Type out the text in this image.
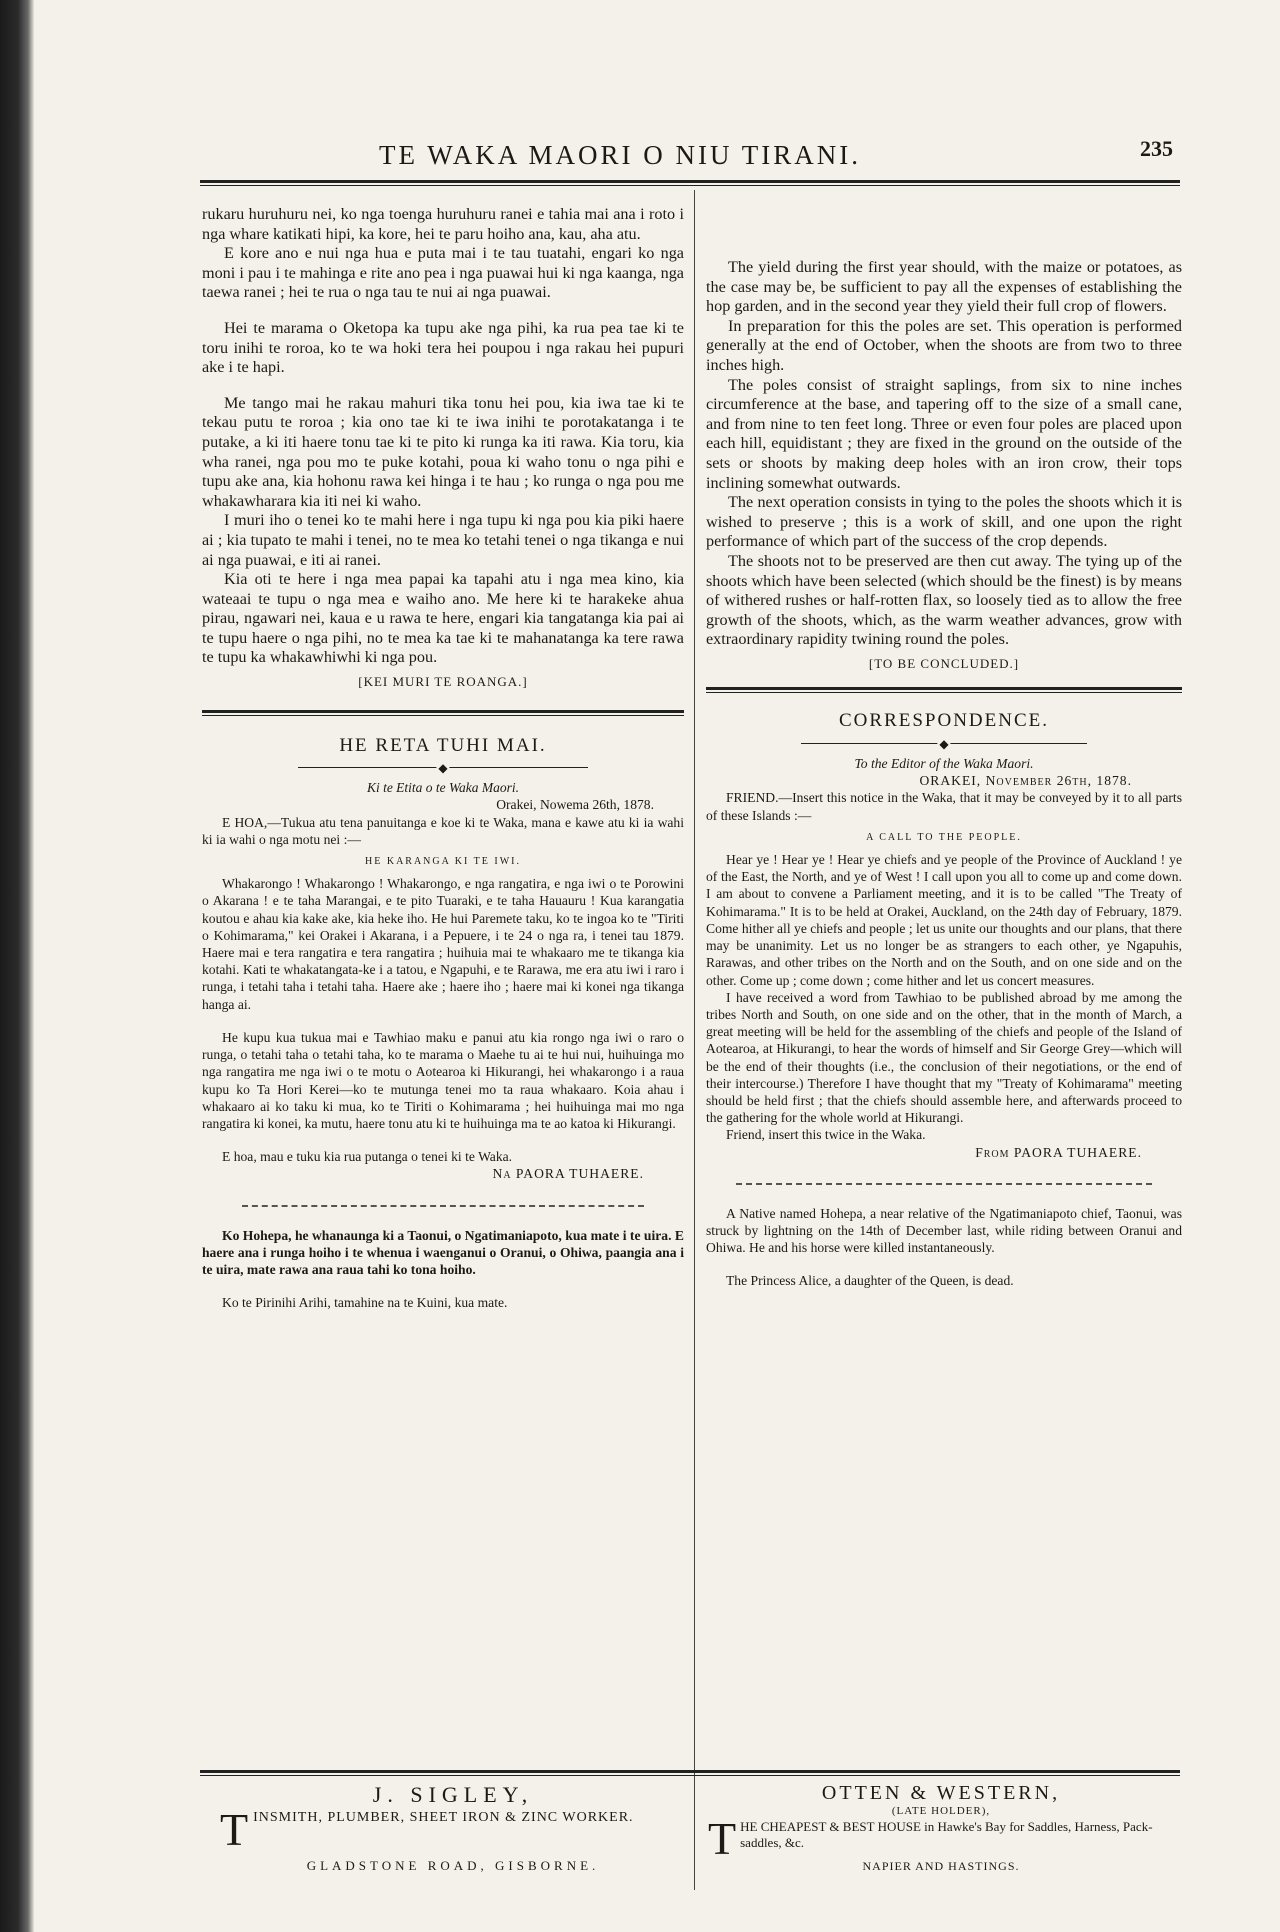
TE WAKA MAORI O NIU TIRANI.	235

rukaru huruhuru nei, ko nga toenga huruhuru ranei e tahia mai ana i roto i nga whare katikati hipi, ka kore, hei te paru hoiho ana, kau, aha atu.

E kore ano e nui nga hua e puta mai i te tau tuatahi, engari ko nga moni i pau i te mahinga e rite ano pea i nga puawai hui ki nga kaanga, nga taewa ranei ; hei te rua o nga tau te nui ai nga puawai.

Hei te marama o Oketopa ka tupu ake nga pihi, ka rua pea tae ki te toru inihi te roroa, ko te wa hoki tera hei poupou i nga rakau hei pupuri ake i te hapi.

Me tango mai he rakau mahuri tika tonu hei pou, kia iwa tae ki te tekau putu te roroa ; kia ono tae ki te iwa inihi te porotakatanga i te putake, a ki iti haere tonu tae ki te pito ki runga ka iti rawa. Kia toru, kia wha ranei, nga pou mo te puke kotahi, poua ki waho tonu o nga pihi e tupu ake ana, kia hohonu rawa kei hinga i te hau ; ko runga o nga pou me whakawharara kia iti nei ki waho.

I muri iho o tenei ko te mahi here i nga tupu ki nga pou kia piki haere ai ; kia tupato te mahi i tenei, no te mea ko tetahi tenei o nga tikanga e nui ai nga puawai, e iti ai ranei.

Kia oti te here i nga mea papai ka tapahi atu i nga mea kino, kia wateaai te tupu o nga mea e waiho ano. Me here ki te harakeke ahua pirau, ngawari nei, kaua e u rawa te here, engari kia tangatanga kia pai ai te tupu haere o nga pihi, no te mea ka tae ki te mahanatanga ka tere rawa te tupu ka whakawhiwhi ki nga pou.

[KEI MURI TE ROANGA.]
HE RETA TUHI MAI.
◆
Ki te Etita o te Waka Maori.
Orakei, Nowema 26th, 1878.

E HOA,—Tukua atu tena panuitanga e koe ki te Waka, mana e kawe atu ki ia wahi ki ia wahi o nga motu nei :—

HE KARANGA KI TE IWI.

Whakarongo ! Whakarongo ! Whakarongo, e nga rangatira, e nga iwi o te Porowini o Akarana ! e te taha Marangai, e te pito Tuaraki, e te taha Hauauru ! Kua karangatia koutou e ahau kia kake ake, kia heke iho. He hui Paremete taku, ko te ingoa ko te "Tiriti o Kohimarama," kei Orakei i Akarana, i a Pepuere, i te 24 o nga ra, i tenei tau 1879. Haere mai e tera rangatira e tera rangatira ; huihuia mai te whakaaro me te tikanga kia kotahi. Kati te whakatangata-ke i a tatou, e Ngapuhi, e te Rarawa, me era atu iwi i raro i runga, i tetahi taha i tetahi taha. Haere ake ; haere iho ; haere mai ki konei nga tikanga hanga ai.

He kupu kua tukua mai e Tawhiao maku e panui atu kia rongo nga iwi o raro o runga, o tetahi taha o tetahi taha, ko te marama o Maehe tu ai te hui nui, huihuinga mo nga rangatira me nga iwi o te motu o Aotearoa ki Hikurangi, hei whakarongo i a raua kupu ko Ta Hori Kerei—ko te mutunga tenei mo ta raua whakaaro. Koia ahau i whakaaro ai ko taku ki mua, ko te Tiriti o Kohimarama ; hei huihuinga mai mo nga rangatira ki konei, ka mutu, haere tonu atu ki te huihuinga ma te ao katoa ki Hikurangi.

E hoa, mau e tuku kia rua putanga o tenei ki te Waka.

Na PAORA TUHAERE.

Ko Hohepa, he whanaunga ki a Taonui, o Ngatimaniapoto, kua mate i te uira. E haere ana i runga hoiho i te whenua i waenganui o Oranui, o Ohiwa, paangia ana i te uira, mate rawa ana raua tahi ko tona hoiho.

Ko te Pirinihi Arihi, tamahine na te Kuini, kua mate.

The yield during the first year should, with the maize or potatoes, as the case may be, be sufficient to pay all the expenses of establishing the hop garden, and in the second year they yield their full crop of flowers.

In preparation for this the poles are set. This operation is performed generally at the end of October, when the shoots are from two to three inches high.

The poles consist of straight saplings, from six to nine inches circumference at the base, and tapering off to the size of a small cane, and from nine to ten feet long. Three or even four poles are placed upon each hill, equidistant ; they are fixed in the ground on the outside of the sets or shoots by making deep holes with an iron crow, their tops inclining somewhat outwards.

The next operation consists in tying to the poles the shoots which it is wished to preserve ; this is a work of skill, and one upon the right performance of which part of the success of the crop depends.

The shoots not to be preserved are then cut away. The tying up of the shoots which have been selected (which should be the finest) is by means of withered rushes or half-rotten flax, so loosely tied as to allow the free growth of the shoots, which, as the warm weather advances, grow with extraordinary rapidity twining round the poles.

[TO BE CONCLUDED.]
CORRESPONDENCE.
◆
To the Editor of the Waka Maori.
ORAKEI, November 26th, 1878.

FRIEND.—Insert this notice in the Waka, that it may be conveyed by it to all parts of these Islands :—

A CALL TO THE PEOPLE.

Hear ye ! Hear ye ! Hear ye chiefs and ye people of the Province of Auckland ! ye of the East, the North, and ye of West ! I call upon you all to come up and come down. I am about to convene a Parliament meeting, and it is to be called "The Treaty of Kohimarama." It is to be held at Orakei, Auckland, on the 24th day of February, 1879. Come hither all ye chiefs and people ; let us unite our thoughts and our plans, that there may be unanimity. Let us no longer be as strangers to each other, ye Ngapuhis, Rarawas, and other tribes on the North and on the South, and on one side and on the other. Come up ; come down ; come hither and let us concert measures.

I have received a word from Tawhiao to be published abroad by me among the tribes North and South, on one side and on the other, that in the month of March, a great meeting will be held for the assembling of the chiefs and people of the Island of Aotearoa, at Hikurangi, to hear the words of himself and Sir George Grey—which will be the end of their thoughts (i.e., the conclusion of their negotiations, or the end of their intercourse.) Therefore I have thought that my "Treaty of Kohimarama" meeting should be held first ; that the chiefs should assemble here, and afterwards proceed to the gathering for the whole world at Hikurangi.

Friend, insert this twice in the Waka.

From PAORA TUHAERE.

A Native named Hohepa, a near relative of the Ngatimaniapoto chief, Taonui, was struck by lightning on the 14th of December last, while riding between Oranui and Ohiwa. He and his horse were killed instantaneously.

The Princess Alice, a daughter of the Queen, is dead.

J. SIGLEY,
T INSMITH, PLUMBER, SHEET IRON & ZINC WORKER.
GLADSTONE ROAD, GISBORNE.
OTTEN & WESTERN,
(LATE HOLDER),
T HE CHEAPEST & BEST HOUSE in Hawke's Bay for Saddles, Harness, Pack-saddles, &c.
NAPIER AND HASTINGS.
